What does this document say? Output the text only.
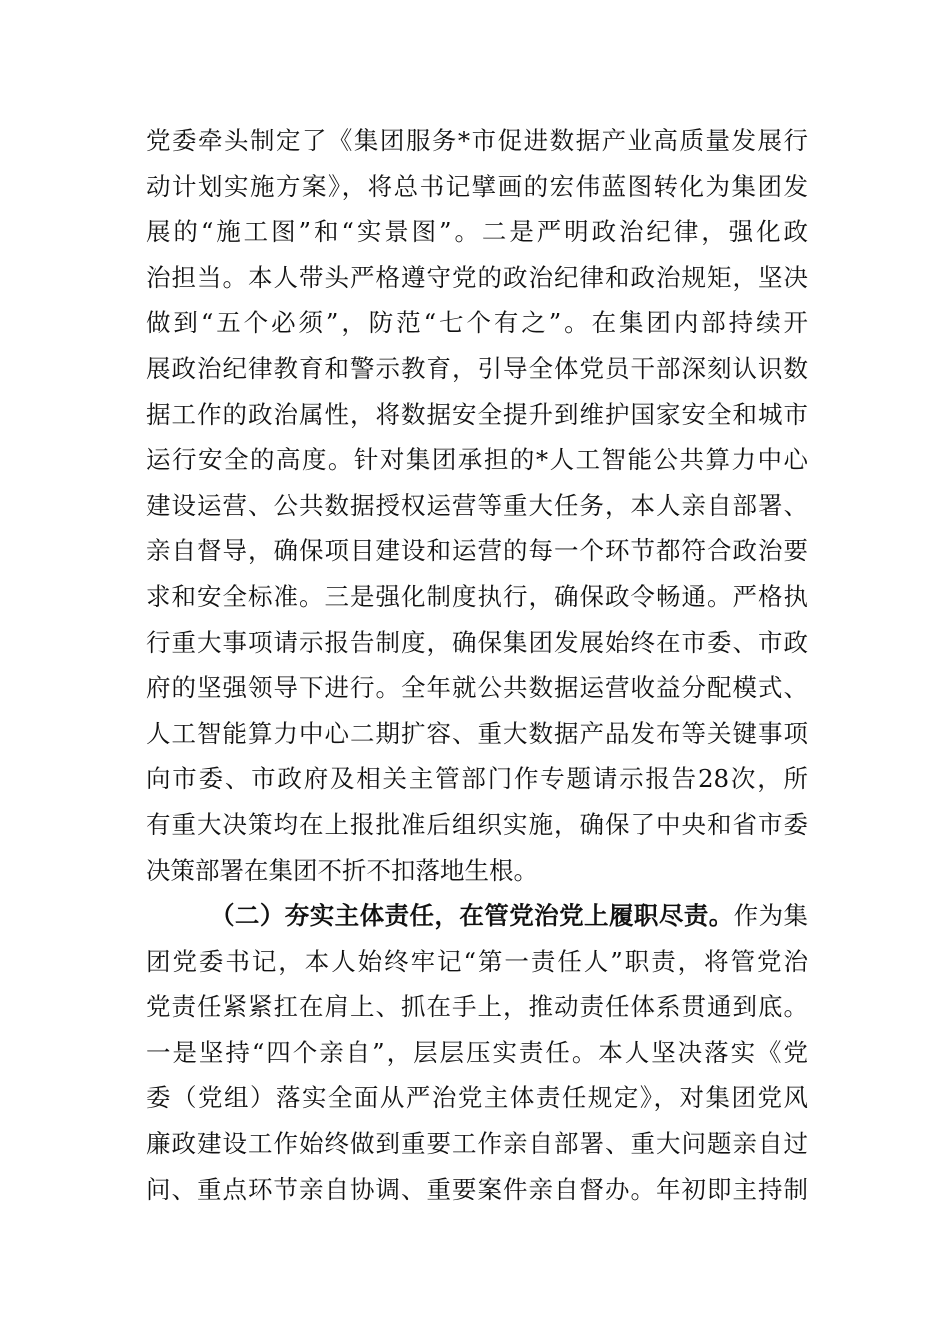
党委牵头制定了《集团服务*市促进数据产业高质量发展行
动计划实施方案》，将总书记擘画的宏伟蓝图转化为集团发
展的“施工图”和“实景图”。二是严明政治纪律，强化政
治担当。本人带头严格遵守党的政治纪律和政治规矩，坚决
做到“五个必须”，防范“七个有之”。在集团内部持续开
展政治纪律教育和警示教育，引导全体党员干部深刻认识数
据工作的政治属性，将数据安全提升到维护国家安全和城市
运行安全的高度。针对集团承担的*人工智能公共算力中心
建设运营、公共数据授权运营等重大任务，本人亲自部署、
亲自督导，确保项目建设和运营的每一个环节都符合政治要
求和安全标准。三是强化制度执行，确保政令畅通。严格执
行重大事项请示报告制度，确保集团发展始终在市委、市政
府的坚强领导下进行。全年就公共数据运营收益分配模式、
人工智能算力中心二期扩容、重大数据产品发布等关键事项
向市委、市政府及相关主管部门作专题请示报告28次，所
有重大决策均在上报批准后组织实施，确保了中央和省市委
决策部署在集团不折不扣落地生根。
（二）夯实主体责任，在管党治党上履职尽责。作为集
团党委书记，本人始终牢记“第一责任人”职责，将管党治
党责任紧紧扛在肩上、抓在手上，推动责任体系贯通到底。
一是坚持“四个亲自”，层层压实责任。本人坚决落实《党
委（党组）落实全面从严治党主体责任规定》，对集团党风
廉政建设工作始终做到重要工作亲自部署、重大问题亲自过
问、重点环节亲自协调、重要案件亲自督办。年初即主持制
